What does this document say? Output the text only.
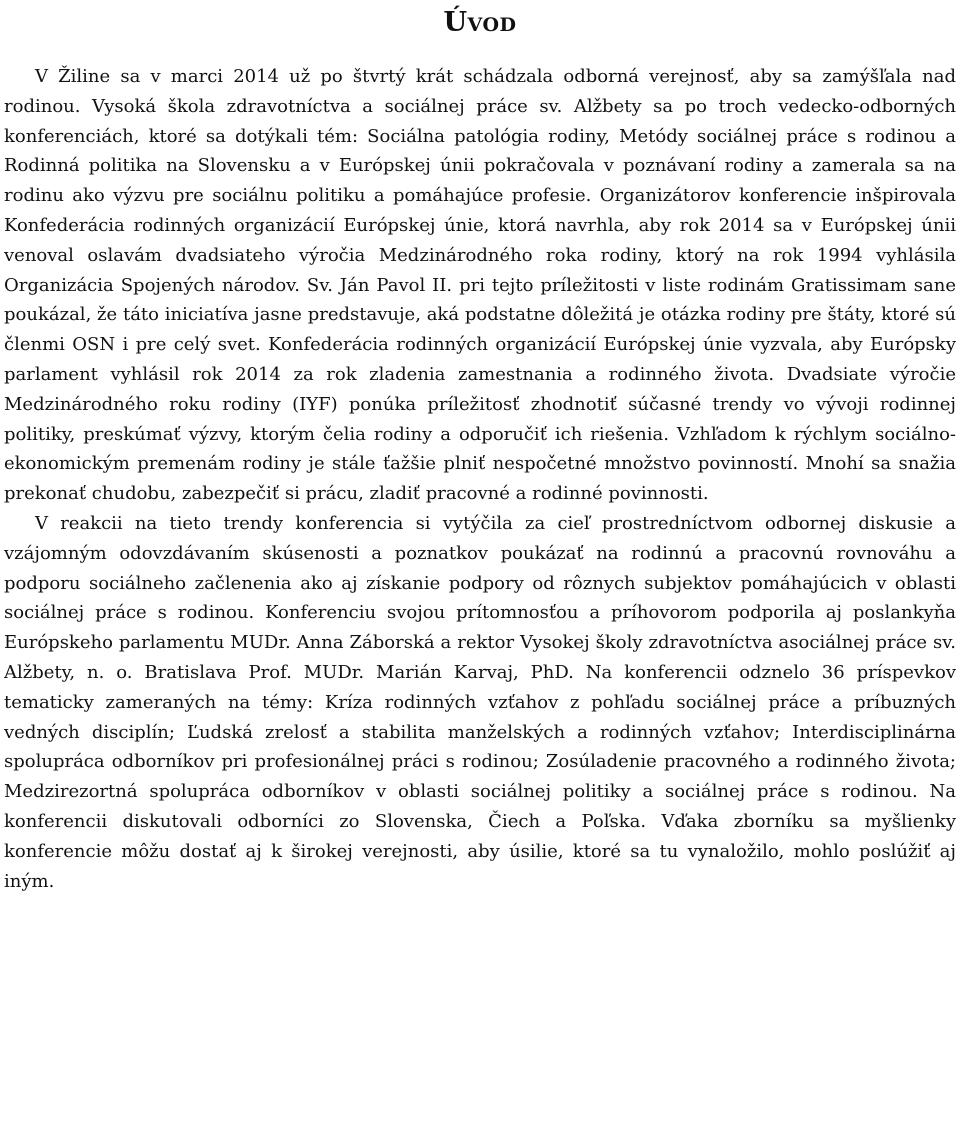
Úvod

V Žiline sa v marci 2014 už po štvrtý krát schádzala odborná verejnosť, aby sa zamýšľala nad rodinou. Vysoká škola zdravotníctva a sociálnej práce sv. Alžbety sa po troch vedecko-odborných konferenciách, ktoré sa dotýkali tém: Sociálna patológia rodiny, Metódy sociálnej práce s rodinou a Rodinná politika na Slovensku a v Európskej únii pokračovala v poznávaní rodiny a zamerala sa na rodinu ako výzvu pre sociálnu politiku a pomáhajúce profesie. Organizátorov konferencie inšpirovala Konfederácia rodinných organizácií Európskej únie, ktorá navrhla, aby rok 2014 sa v Európskej únii venoval oslavám dvadsiateho výročia Medzinárodného roka rodiny, ktorý na rok 1994 vyhlásila Organizácia Spojených národov. Sv. Ján Pavol II. pri tejto príležitosti v liste rodinám Gratissimam sane poukázal, že táto iniciatíva jasne predstavuje, aká podstatne dôležitá je otázka rodiny pre štáty, ktoré sú členmi OSN i pre celý svet. Konfederácia rodinných organizácií Európskej únie vyzvala, aby Európsky parlament vyhlásil rok 2014 za rok zladenia zamestnania a rodinného života. Dvadsiate výročie Medzinárodného roku rodiny (IYF) ponúka príležitosť zhodnotiť súčasné trendy vo vývoji rodinnej politiky, preskúmať výzvy, ktorým čelia rodiny a odporučiť ich riešenia. Vzhľadom k rýchlym sociálno-ekonomickým premenám rodiny je stále ťažšie plniť nespočetné množstvo povinností. Mnohí sa snažia prekonať chudobu, zabezpečiť si prácu, zladiť pracovné a rodinné povinnosti.

V reakcii na tieto trendy konferencia si vytýčila za cieľ prostredníctvom odbornej diskusie a vzájomným odovzdávaním skúsenosti a poznatkov poukázať na rodinnú a pracovnú rovnováhu a podporu sociálneho začlenenia ako aj získanie podpory od rôznych subjektov pomáhajúcich v oblasti sociálnej práce s rodinou. Konferenciu svojou prítomnosťou a príhovorom podporila aj poslankyňa Európskeho parlamentu MUDr. Anna Záborská a rektor Vysokej školy zdravotníctva asociálnej práce sv. Alžbety, n. o. Bratislava Prof. MUDr. Marián Karvaj, PhD. Na konferencii odznelo 36 príspevkov tematicky zameraných na témy: Kríza rodinných vzťahov z pohľadu sociálnej práce a príbuzných vedných disciplín; Ľudská zrelosť a stabilita manželských a rodinných vzťahov; Interdisciplinárna spolupráca odborníkov pri profesionálnej práci s rodinou; Zosúladenie pracovného a rodinného života; Medzirezortná spolupráca odborníkov v oblasti sociálnej politiky a sociálnej práce s rodinou. Na konferencii diskutovali odborníci zo Slovenska, Čiech a Poľska. Vďaka zborníku sa myšlienky konferencie môžu dostať aj k širokej verejnosti, aby úsilie, ktoré sa tu vynaložilo, mohlo poslúžiť aj iným.
